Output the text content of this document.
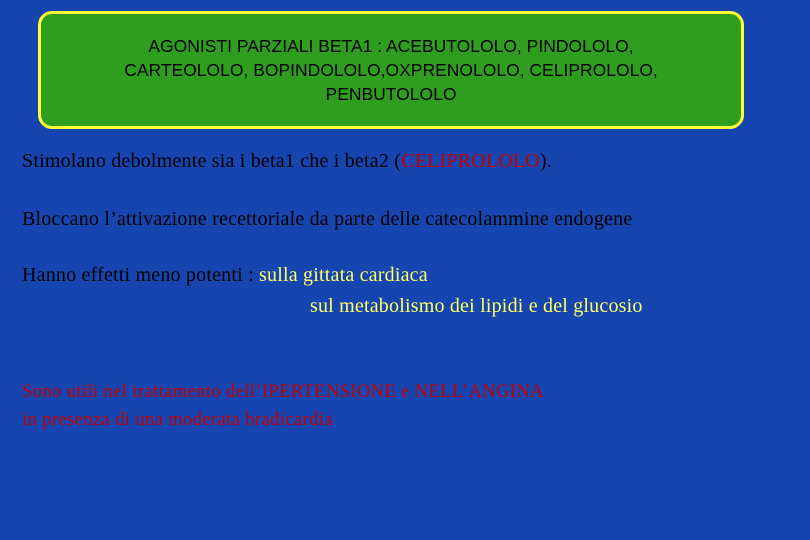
AGONISTI PARZIALI BETA1 : ACEBUTOLOLO, PINDOLOLO,
CARTEOLOLO, BOPINDOLOLO,OXPRENOLOLO, CELIPROLOLO,
PENBUTOLOLO
Stimolano debolmente sia i beta1 che i beta2 (CELIPROLOLO).
Bloccano l’attivazione recettoriale da parte delle catecolammine endogene
Hanno effetti meno potenti : sulla gittata cardiaca
sul metabolismo dei lipidi e del glucosio
Sono utili nel trattamento dell’IPERTENSIONE e NELL’ANGINA
in presenza di una moderata bradicardia
